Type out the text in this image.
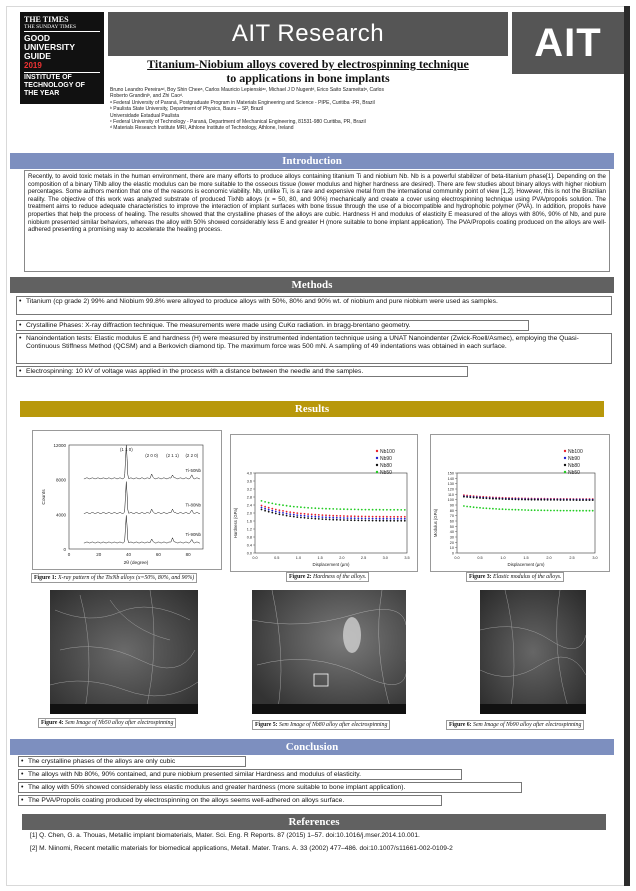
THE TIMES
THE SUNDAY TIMES
GOOD UNIVERSITY GUIDE
2019
INSTITUTE OF TECHNOLOGY OF THE YEAR
AIT Research	AIT
Titanium-Niobium alloys covered by electrospinning technique
to applications in bone implants
Bruno Leandro Pereiraᵃᵈ, Boy Shin Cheeᵃ, Carlos Mauricio Lepienskiᵃᶜ, Michael J D Nugentᵈ, Erico Saito Szameitatᵃ, Carlos
Roberto Grandiniᵇ, and Zhi Caoᵈ.
ᵃ Federal University of Paraná, Postgraduate Program in Materials Engineering and Science - PIPE, Curitiba -PR, Brazil
ᵇ Paulista State University, Department of Physics, Bauru – SP, Brazil
Universidade Estadual Paulista
ᶜ Federal University of Technology - Paraná, Department of Mechanical Engineering, 81531-980 Curitiba, PR, Brazil
ᵈ Materials Research Institute MRI, Athlone Institute of Technology, Athlone, Ireland
Introduction
Recently, to avoid toxic metals in the human environment, there are many efforts to produce alloys containing titanium Ti and niobium Nb. Nb is a powerful stabilizer of beta-titanium phase[1]. Depending on the composition of a binary TiNb alloy the elastic modulus can be more suitable to the osseous tissue (lower modulus and higher hardness are desired). There are few studies about binary alloys with higher niobium percentages. Some authors mention that one of the reasons is economic viability. Nb, unlike Ti, is a rare and expensive metal from the international community point of view [1,2]. However, this is not the Brazilian reality. The objective of this work was analyzed substrate of produced TixNb alloys (x = 50, 80, and 90%) mechanically and create a cover using electrospinning technique using PVA/propolis solution. The treatment aims to reduce adequate characteristics to improve the interaction of implant surfaces with bone tissue through the use of a biocompatible and hydrophobic polymer (PVA). In addition, propolis have properties that help the process of healing. The results showed that the crystalline phases of the alloys are cubic. Hardness H and modulus of elasticity E measured of the alloys with 80%, 90% of Nb, and pure niobium presented similar behaviors, whereas the alloy with 50% showed considerably less E and greater H (more suitable to bone implant application). The PVA/Propolis coating produced on the alloys are well-adhered presenting a promising way to accelerate the healing process.
Methods
• Titanium (cp grade 2) 99% and Niobium 99.8% were alloyed to produce alloys with 50%, 80% and 90% wt. of niobium and pure niobium were used as samples.
• Crystalline Phases: X-ray diffraction technique. The measurements were made using CuKα radiation. in bragg-brentano geometry.
• Nanoindentation tests: Elastic modulus E and hardness (H) were measured by instrumented indentation technique using a UNAT Nanoindenter (Zwick-Roell/Asmec), employing the Quasi-Continuous Stiffness Method (QCSM) and a Berkovich diamond tip. The maximum force was 500 mN. A sampling of 49 indentations was obtained in each surface.
• Electrospinning: 10 kV of voltage was applied in the process with a distance between the needle and the samples.
Results
0
4000
8000
12000
0	20	40	60	80
2θ (degree)
Counts
Ti-50Nb
Ti-80Nb
Ti-90Nb
(1 1 0)
(2 0 0) (2 1 1) (2 2 0)
Figure 1: X-ray pattern of the TixNb alloys (x=50%, 80%, and 90%)
0.0
0.4
0.8
1.2
1.6
2.0
2.4
2.8
3.2
3.6
4.0
0.0	0.5	1.0	1.5	2.0	2.5	3.0	3.5
Displacement (µm)
Hardness (GPa)
Nb100
Nb90
Nb80
Nb50
Figure 2: Hardness of the alloys.
0
10
20
30
40
50
60
70
80
90
100
110
120
130
140
150
0.0	0.5	1.0	1.5	2.0	2.5	3.0
Displacement (µm)
Modulus (GPa)
Nb100
Nb90
Nb80
Nb50
Figure 3: Elastic modulus of the alloys.
Figure 4: Sem Image of Nb50 alloy after electrospinning	Figure 5: Sem Image of Nb80 alloy after electrospinning	Figure 6: Sem Image of Nb90 alloy after electrospinning
Conclusion
• The crystalline phases of the alloys are only cubic
• The alloys with Nb 80%, 90% contained, and pure niobium presented similar Hardness and modulus of elasticity.
• The alloy with 50% showed considerably less elastic modulus and greater hardness (more suitable to bone implant application).
• The PVA/Propolis coating produced by electrospinning on the alloys seems well-adhered on alloys surface.
References
[1] Q. Chen, G. a. Thouas, Metallic implant biomaterials, Mater. Sci. Eng. R Reports. 87 (2015) 1–57. doi:10.1016/j.mser.2014.10.001.
[2] M. Niinomi, Recent metallic materials for biomedical applications, Metall. Mater. Trans. A. 33 (2002) 477–486. doi:10.1007/s11661-002-0109-2
